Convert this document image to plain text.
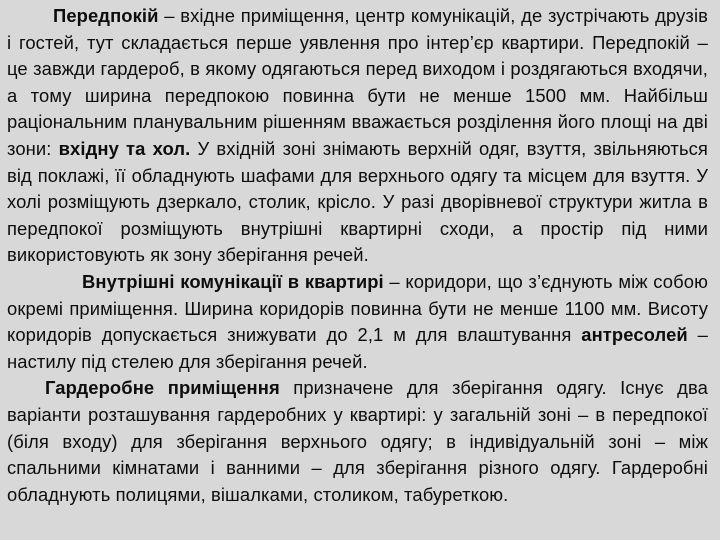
Передпокій – вхідне приміщення, центр комунікацій, де зустрічають друзів і гостей, тут складається перше уявлення про інтер’єр квартири. Передпокій – це завжди гардероб, в якому одягаються перед виходом і роздягаються входячи, а тому ширина передпокою повинна бути не менше 1500 мм. Найбільш раціональним планувальним рішенням вважається розділення його площі на дві зони: вхідну та хол. У вхідній зоні знімають верхній одяг, взуття, звільняються від поклажі, її обладнують шафами для верхнього одягу та місцем для взуття. У холі розміщують дзеркало, столик, крісло. У разі дворівневої структури житла в передпокої розміщують внутрішні квартирні сходи, а простір під ними використовують як зону зберігання речей.

Внутрішні комунікації в квартирі – коридори, що з’єднують між собою окремі приміщення. Ширина коридорів повинна бути не менше 1100 мм. Висоту коридорів допускається знижувати до 2,1 м для влаштування антресолей – настилу під стелею для зберігання речей.

Гардеробне приміщення призначене для зберігання одягу. Існує два варіанти розташування гардеробних у квартирі: у загальній зоні – в передпокої (біля входу) для зберігання верхнього одягу; в індивідуальній зоні – між спальними кімнатами і ванними – для зберігання різного одягу. Гардеробні обладнують полицями, вішалками, столиком, табуреткою.
